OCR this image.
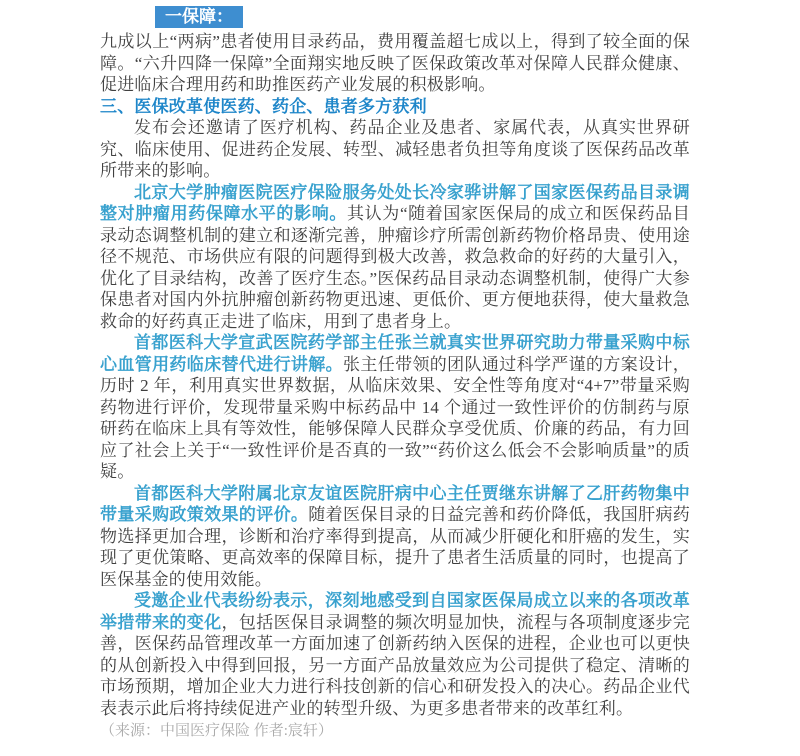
一保障：

九成以上“两病”患者使用目录药品，费用覆盖超七成以上，得到了较全面的保障。“六升四降一保障”全面翔实地反映了医保政策改革对保障人民群众健康、促进临床合理用药和助推医药产业发展的积极影响。

三、医保改革使医药、药企、患者多方获利

发布会还邀请了医疗机构、药品企业及患者、家属代表，从真实世界研究、临床使用、促进药企发展、转型、减轻患者负担等角度谈了医保药品改革所带来的影响。

北京大学肿瘤医院医疗保险服务处处长冷家骅讲解了国家医保药品目录调整对肿瘤用药保障水平的影响。其认为“随着国家医保局的成立和医保药品目录动态调整机制的建立和逐渐完善，肿瘤诊疗所需创新药物价格昂贵、使用途径不规范、市场供应有限的问题得到极大改善，救急救命的好药的大量引入，优化了目录结构，改善了医疗生态。”医保药品目录动态调整机制，使得广大参保患者对国内外抗肿瘤创新药物更迅速、更低价、更方便地获得，使大量救急救命的好药真正走进了临床，用到了患者身上。

首都医科大学宣武医院药学部主任张兰就真实世界研究助力带量采购中标心血管用药临床替代进行讲解。张主任带领的团队通过科学严谨的方案设计，历时 2 年，利用真实世界数据，从临床效果、安全性等角度对“4+7”带量采购药物进行评价，发现带量采购中标药品中 14 个通过一致性评价的仿制药与原研药在临床上具有等效性，能够保障人民群众享受优质、价廉的药品，有力回应了社会上关于“一致性评价是否真的一致”“药价这么低会不会影响质量”的质疑。

首都医科大学附属北京友谊医院肝病中心主任贾继东讲解了乙肝药物集中带量采购政策效果的评价。随着医保目录的日益完善和药价降低，我国肝病药物选择更加合理，诊断和治疗率得到提高，从而减少肝硬化和肝癌的发生，实现了更优策略、更高效率的保障目标，提升了患者生活质量的同时，也提高了医保基金的使用效能。

受邀企业代表纷纷表示，深刻地感受到自国家医保局成立以来的各项改革举措带来的变化，包括医保目录调整的频次明显加快，流程与各项制度逐步完善，医保药品管理改革一方面加速了创新药纳入医保的进程，企业也可以更快的从创新投入中得到回报，另一方面产品放量效应为公司提供了稳定、清晰的市场预期，增加企业大力进行科技创新的信心和研发投入的决心。药品企业代表表示此后将持续促进产业的转型升级、为更多患者带来的改革红利。

（来源：中国医疗保险 作者:宸轩）
